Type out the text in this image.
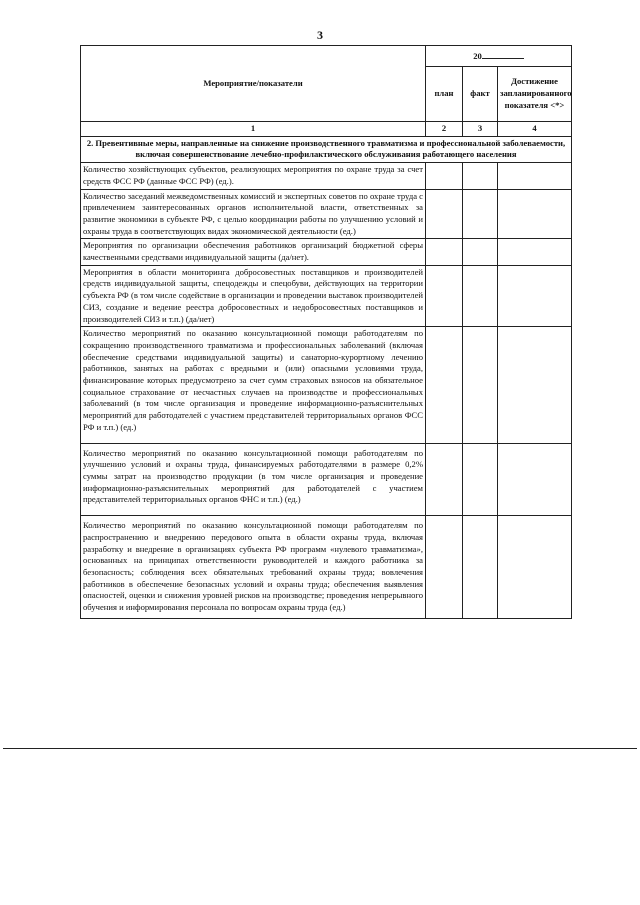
3
Мероприятие/показатели	20		
	план	факт	Достижение запланированного показателя <*>
1	2	3	4
2. Превентивные меры, направленные на снижение производственного травматизма и профессиональной заболеваемости, включая совершенствование лечебно-профилактического обслуживания работающего населения			
Количество хозяйствующих субъектов, реализующих мероприятия по охране труда за счет средств ФСС РФ (данные ФСС РФ) (ед.).			
Количество заседаний межведомственных комиссий и экспертных советов по охране труда с привлечением заинтересованных органов исполнительной власти, ответственных за развитие экономики в субъекте РФ, с целью координации работы по улучшению условий и охраны труда в соответствующих видах экономической деятельности (ед.)			
Мероприятия по организации обеспечения работников организаций бюджетной сферы качественными средствами индивидуальной защиты (да/нет).			
Мероприятия в области мониторинга добросовестных поставщиков и производителей средств индивидуальной защиты, спецодежды и спецобуви, действующих на территории субъекта РФ (в том числе содействие в организации и проведении выставок производителей СИЗ, создание и ведение реестра добросовестных и недобросовестных поставщиков и производителей СИЗ и т.п.) (да/нет)			
Количество мероприятий по оказанию консультационной помощи работодателям по сокращению производственного травматизма и профессиональных заболеваний (включая обеспечение средствами индивидуальной защиты) и санаторно-курортному лечению работников, занятых на работах с вредными и (или) опасными условиями труда, финансирование которых предусмотрено за счет сумм страховых взносов на обязательное социальное страхование от несчастных случаев на производстве и профессиональных заболеваний (в том числе организация и проведение информационно-разъяснительных мероприятий для работодателей с участием представителей территориальных органов ФСС РФ и т.п.) (ед.)			
Количество мероприятий по оказанию консультационной помощи работодателям по улучшению условий и охраны труда, финансируемых работодателями в размере 0,2% суммы затрат на производство продукции (в том числе организация и проведение информационно-разъяснительных мероприятий для работодателей с участием представителей территориальных органов ФНС и т.п.) (ед.)			
Количество мероприятий по оказанию консультационной помощи работодателям по распространению и внедрению передового опыта в области охраны труда, включая разработку и внедрение в организациях субъекта РФ программ «нулевого травматизма», основанных на принципах ответственности руководителей и каждого работника за безопасность; соблюдения всех обязательных требований охраны труда; вовлечения работников в обеспечение безопасных условий и охраны труда; обеспечения выявления опасностей, оценки и снижения уровней рисков на производстве; проведения непрерывного обучения и информирования персонала по вопросам охраны труда (ед.)			
